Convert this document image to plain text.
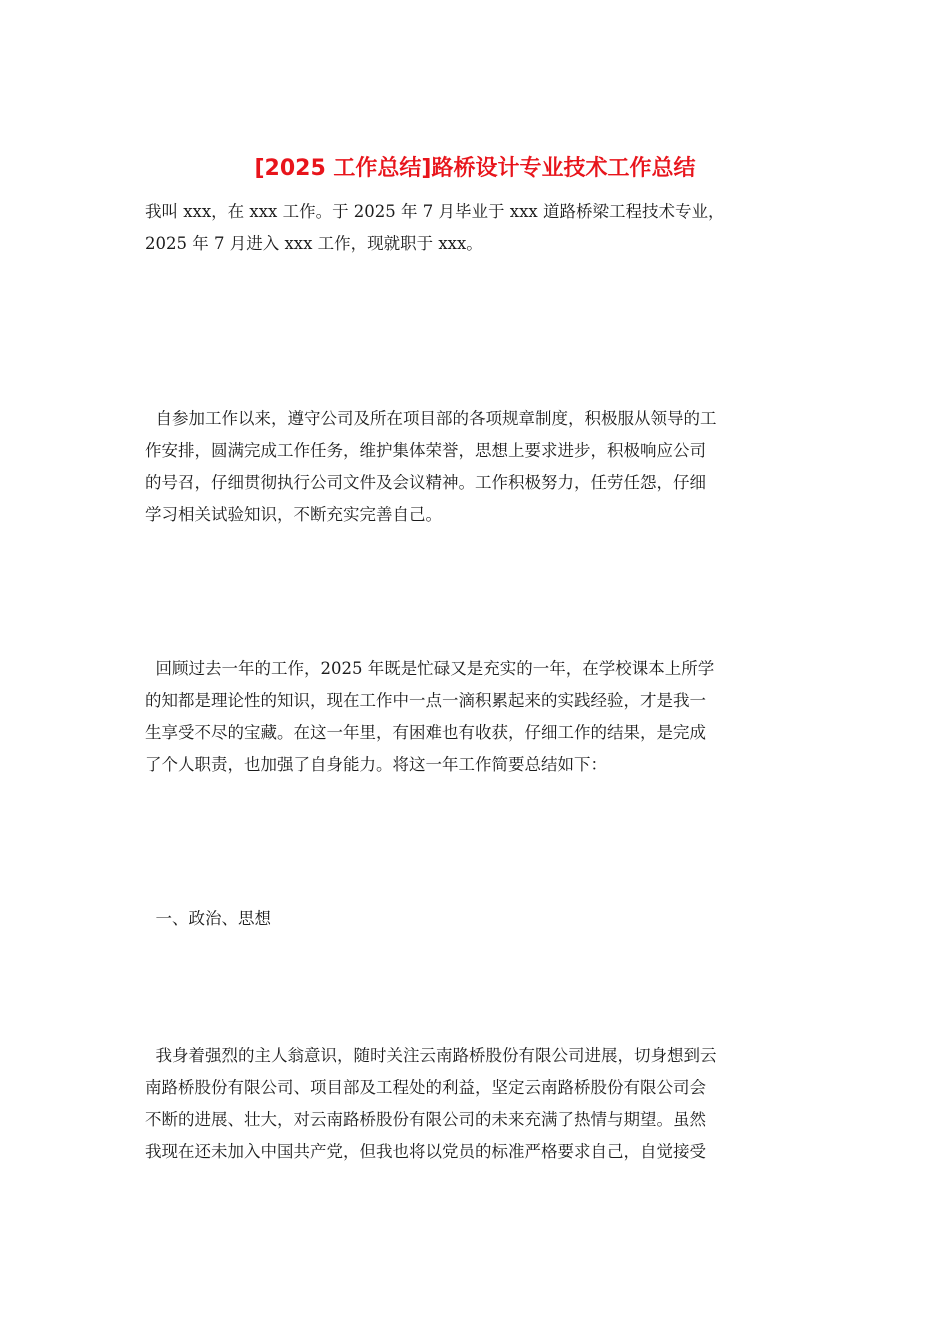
[2025 工作总结]路桥设计专业技术工作总结

我叫 xxx，在 xxx 工作。于 2025 年 7 月毕业于 xxx 道路桥梁工程技术专业，
2025 年 7 月进入 xxx 工作，现就职于 xxx。

自参加工作以来，遵守公司及所在项目部的各项规章制度，积极服从领导的工
作安排，圆满完成工作任务，维护集体荣誉，思想上要求进步，积极响应公司
的号召，仔细贯彻执行公司文件及会议精神。工作积极努力，任劳任怨，仔细
学习相关试验知识，不断充实完善自己。

回顾过去一年的工作，2025 年既是忙碌又是充实的一年，在学校课本上所学
的知都是理论性的知识，现在工作中一点一滴积累起来的实践经验，才是我一
生享受不尽的宝藏。在这一年里，有困难也有收获，仔细工作的结果，是完成
了个人职责，也加强了自身能力。将这一年工作简要总结如下：

一、政治、思想

我身着强烈的主人翁意识，随时关注云南路桥股份有限公司进展，切身想到云
南路桥股份有限公司、项目部及工程处的利益，坚定云南路桥股份有限公司会
不断的进展、壮大，对云南路桥股份有限公司的未来充满了热情与期望。虽然
我现在还未加入中国共产党，但我也将以党员的标准严格要求自己，自觉接受
